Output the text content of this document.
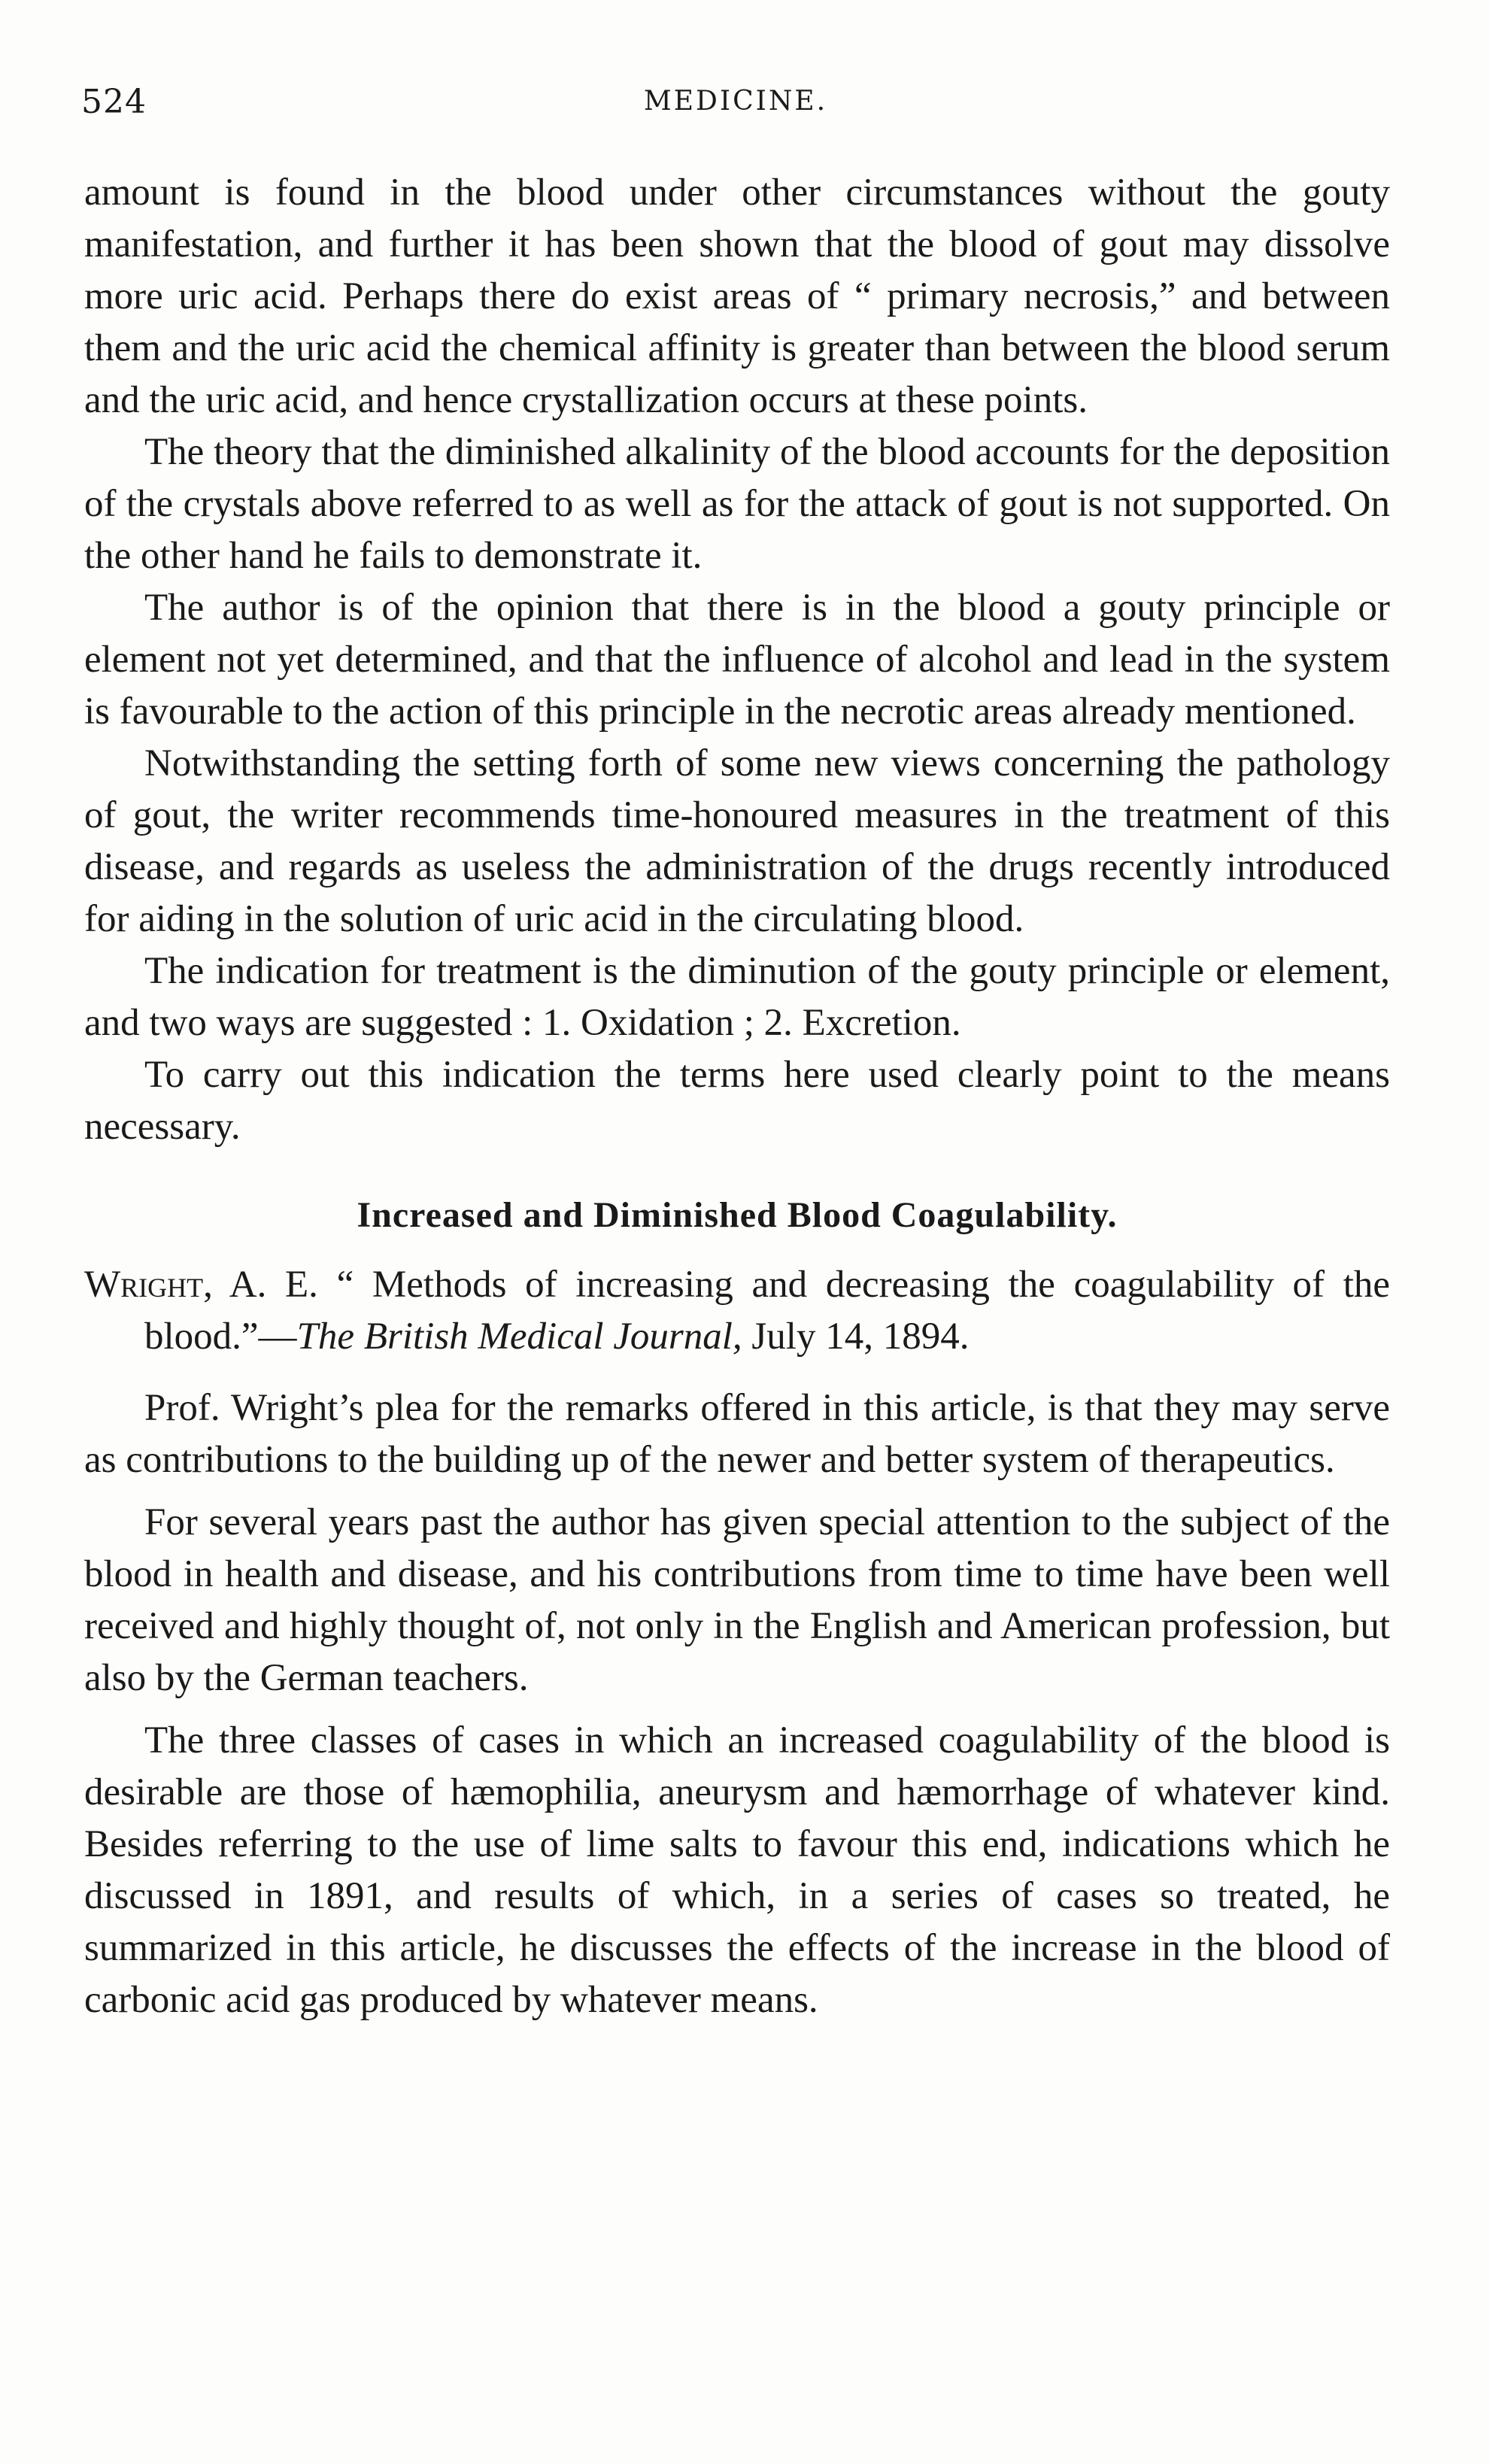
524	MEDICINE.

amount is found in the blood under other circumstances without the gouty manifestation, and further it has been shown that the blood of gout may dissolve more uric acid. Perhaps there do exist areas of “ primary necrosis,” and between them and the uric acid the chemical affinity is greater than between the blood serum and the uric acid, and hence crystallization occurs at these points.

The theory that the diminished alkalinity of the blood accounts for the deposition of the crystals above referred to as well as for the attack of gout is not supported. On the other hand he fails to demonstrate it.

The author is of the opinion that there is in the blood a gouty principle or element not yet determined, and that the influence of alcohol and lead in the system is favourable to the action of this principle in the necrotic areas already mentioned.

Notwithstanding the setting forth of some new views concerning the pathology of gout, the writer recommends time-honoured measures in the treatment of this disease, and regards as useless the administration of the drugs recently introduced for aiding in the solution of uric acid in the circulating blood.

The indication for treatment is the diminution of the gouty principle or element, and two ways are suggested : 1. Oxidation ; 2. Excretion.

To carry out this indication the terms here used clearly point to the means necessary.

Increased and Diminished Blood Coagulability.

Wright, A. E. “ Methods of increasing and decreasing the coagulability of the blood.”—The British Medical Journal, July 14, 1894.

Prof. Wright’s plea for the remarks offered in this article, is that they may serve as contributions to the building up of the newer and better system of therapeutics.

For several years past the author has given special attention to the subject of the blood in health and disease, and his contributions from time to time have been well received and highly thought of, not only in the English and American profession, but also by the German teachers.

The three classes of cases in which an increased coagulability of the blood is desirable are those of hæmophilia, aneurysm and hæmorrhage of whatever kind. Besides referring to the use of lime salts to favour this end, indications which he discussed in 1891, and results of which, in a series of cases so treated, he summarized in this article, he discusses the effects of the increase in the blood of carbonic acid gas produced by whatever means.
